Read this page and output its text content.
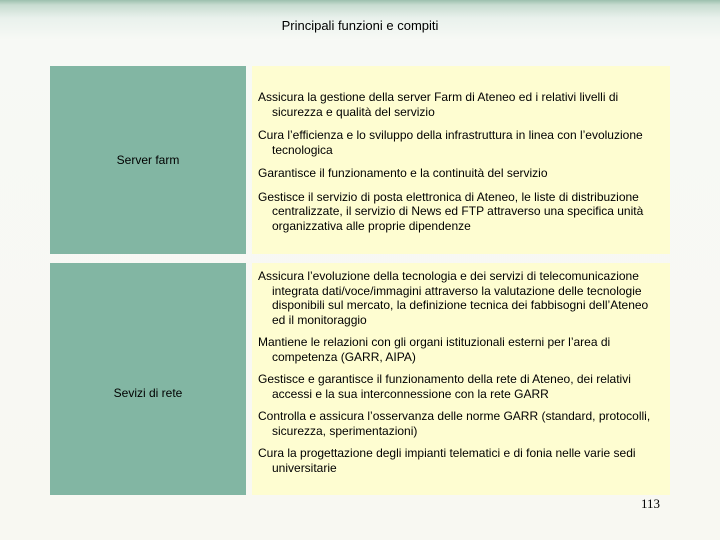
Principali funzioni e compiti
Server farm

Assicura la gestione della server Farm di Ateneo ed i relativi livelli di sicurezza e qualità del servizio

Cura l’efficienza e lo sviluppo della infrastruttura in linea con l’evoluzione tecnologica

Garantisce il funzionamento e la continuità del servizio

Gestisce il servizio di posta elettronica di Ateneo, le liste di distribuzione centralizzate, il servizio di News ed FTP attraverso una specifica unità organizzativa alle proprie dipendenze

Sevizi di rete

Assicura l’evoluzione della tecnologia e dei servizi di telecomunicazione integrata dati/voce/immagini attraverso la valutazione delle tecnologie disponibili sul mercato, la definizione tecnica dei fabbisogni dell’Ateneo ed il monitoraggio

Mantiene le relazioni con gli organi istituzionali esterni per l’area di competenza (GARR, AIPA)

Gestisce e garantisce il funzionamento della rete di Ateneo, dei relativi accessi e la sua interconnessione con la rete GARR

Controlla e assicura l’osservanza delle norme GARR (standard, protocolli, sicurezza, sperimentazioni)

Cura la progettazione degli impianti telematici e di fonia nelle varie sedi universitarie

113
